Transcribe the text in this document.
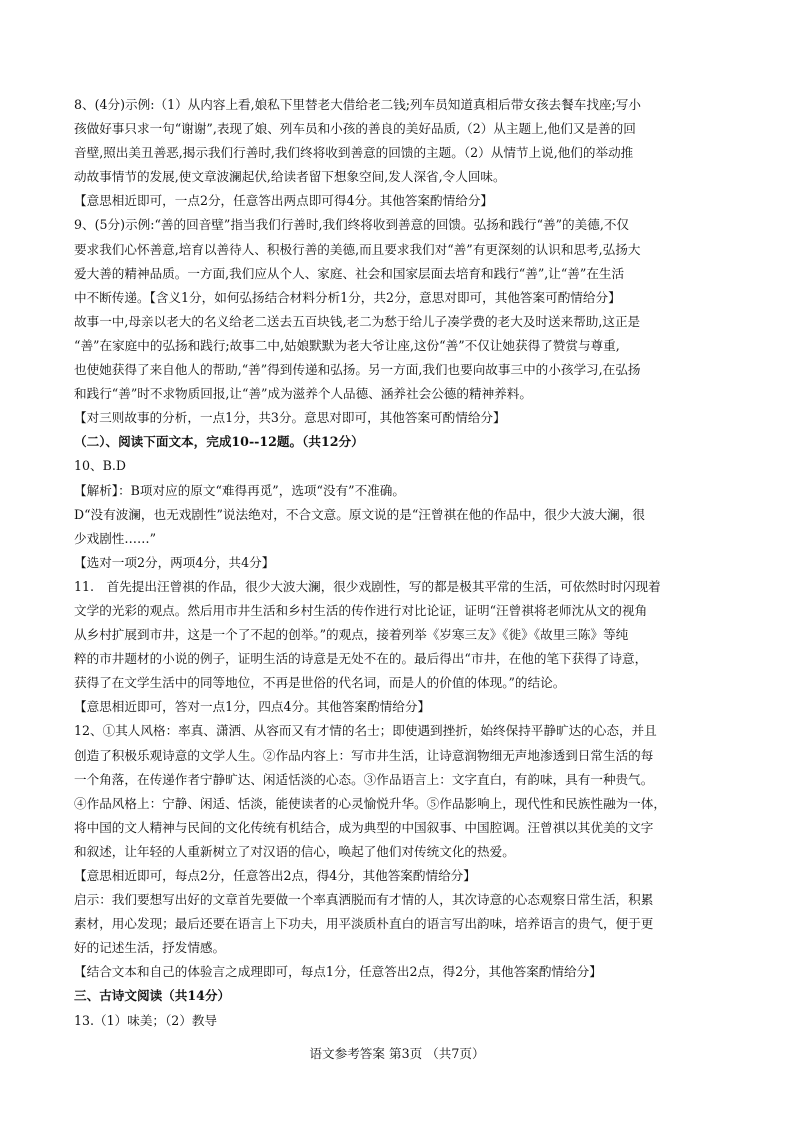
8、(4分)示例:（1）从内容上看,娘私下里替老大借给老二钱;列车员知道真相后带女孩去餐车找座;写小
孩做好事只求一句“谢谢”,表现了娘、列车员和小孩的善良的美好品质,（2）从主题上,他们又是善的回
音壁,照出美丑善恶,揭示我们行善时,我们终将收到善意的回馈的主题。（2）从情节上说,他们的举动推
动故事情节的发展,使文章波澜起伏,给读者留下想象空间,发人深省,令人回味。
【意思相近即可，一点2分，任意答出两点即可得4分。其他答案酌情给分】
9、(5分)示例:“善的回音壁”指当我们行善时,我们终将收到善意的回馈。弘扬和践行“善”的美德,不仅
要求我们心怀善意,培育以善待人、积极行善的美德,而且要求我们对“善”有更深刻的认识和思考,弘扬大
爱大善的精神品质。一方面,我们应从个人、家庭、社会和国家层面去培育和践行“善”,让“善”在生活
中不断传递。【含义1分，如何弘扬结合材料分析1分，共2分，意思对即可，其他答案可酌情给分】
故事一中,母亲以老大的名义给老二送去五百块钱,老二为愁于给儿子凑学费的老大及时送来帮助,这正是
“善”在家庭中的弘扬和践行;故事二中,姑娘默默为老大爷让座,这份“善”不仅让她获得了赞赏与尊重,
也使她获得了来自他人的帮助,“善”得到传递和弘扬。另一方面,我们也要向故事三中的小孩学习,在弘扬
和践行“善”时不求物质回报,让“善”成为滋养个人品德、涵养社会公德的精神养料。
【对三则故事的分析，一点1分，共3分。意思对即可，其他答案可酌情给分】
（二）、阅读下面文本，完成10--12题。（共12分）
10、B.D
【解析】：B项对应的原文“难得再觅”，选项“没有”不准确。
D“没有波澜，也无戏剧性”说法绝对，不合文意。原文说的是“汪曾祺在他的作品中，很少大波大澜，很
少戏剧性……”
【选对一项2分，两项4分，共4分】
11.　首先提出汪曾祺的作品，很少大波大澜，很少戏剧性，写的都是极其平常的生活，可依然时时闪现着
文学的光彩的观点。然后用市井生活和乡村生活的传作进行对比论证，证明“汪曾祺将老师沈从文的视角
从乡村扩展到市井，这是一个了不起的创举。”的观点，接着列举《岁寒三友》《徙》《故里三陈》等纯
粹的市井题材的小说的例子，证明生活的诗意是无处不在的。最后得出“市井，在他的笔下获得了诗意，
获得了在文学生活中的同等地位，不再是世俗的代名词，而是人的价值的体现。”的结论。
【意思相近即可，答对一点1分，四点4分。其他答案酌情给分】
12、①其人风格：率真、潇洒、从容而又有才情的名士；即使遇到挫折，始终保持平静旷达的心态，并且
创造了积极乐观诗意的文学人生。②作品内容上：写市井生活，让诗意润物细无声地渗透到日常生活的每
一个角落，在传递作者宁静旷达、闲适恬淡的心态。③作品语言上：文字直白，有韵味，具有一种贵气。
④作品风格上：宁静、闲适、恬淡，能使读者的心灵愉悦升华。⑤作品影响上，现代性和民族性融为一体，
将中国的文人精神与民间的文化传统有机结合，成为典型的中国叙事、中国腔调。汪曾祺以其优美的文字
和叙述，让年轻的人重新树立了对汉语的信心，唤起了他们对传统文化的热爱。
【意思相近即可，每点2分，任意答出2点，得4分，其他答案酌情给分】
启示：我们要想写出好的文章首先要做一个率真洒脱而有才情的人，其次诗意的心态观察日常生活，积累
素材，用心发现；最后还要在语言上下功夫，用平淡质朴直白的语言写出韵味，培养语言的贵气，便于更
好的记述生活，抒发情感。
【结合文本和自己的体验言之成理即可，每点1分，任意答出2点，得2分，其他答案酌情给分】
三、古诗文阅读（共14分）
13.（1）味美；（2）教导
语文参考答案 第3页 （共7页）
